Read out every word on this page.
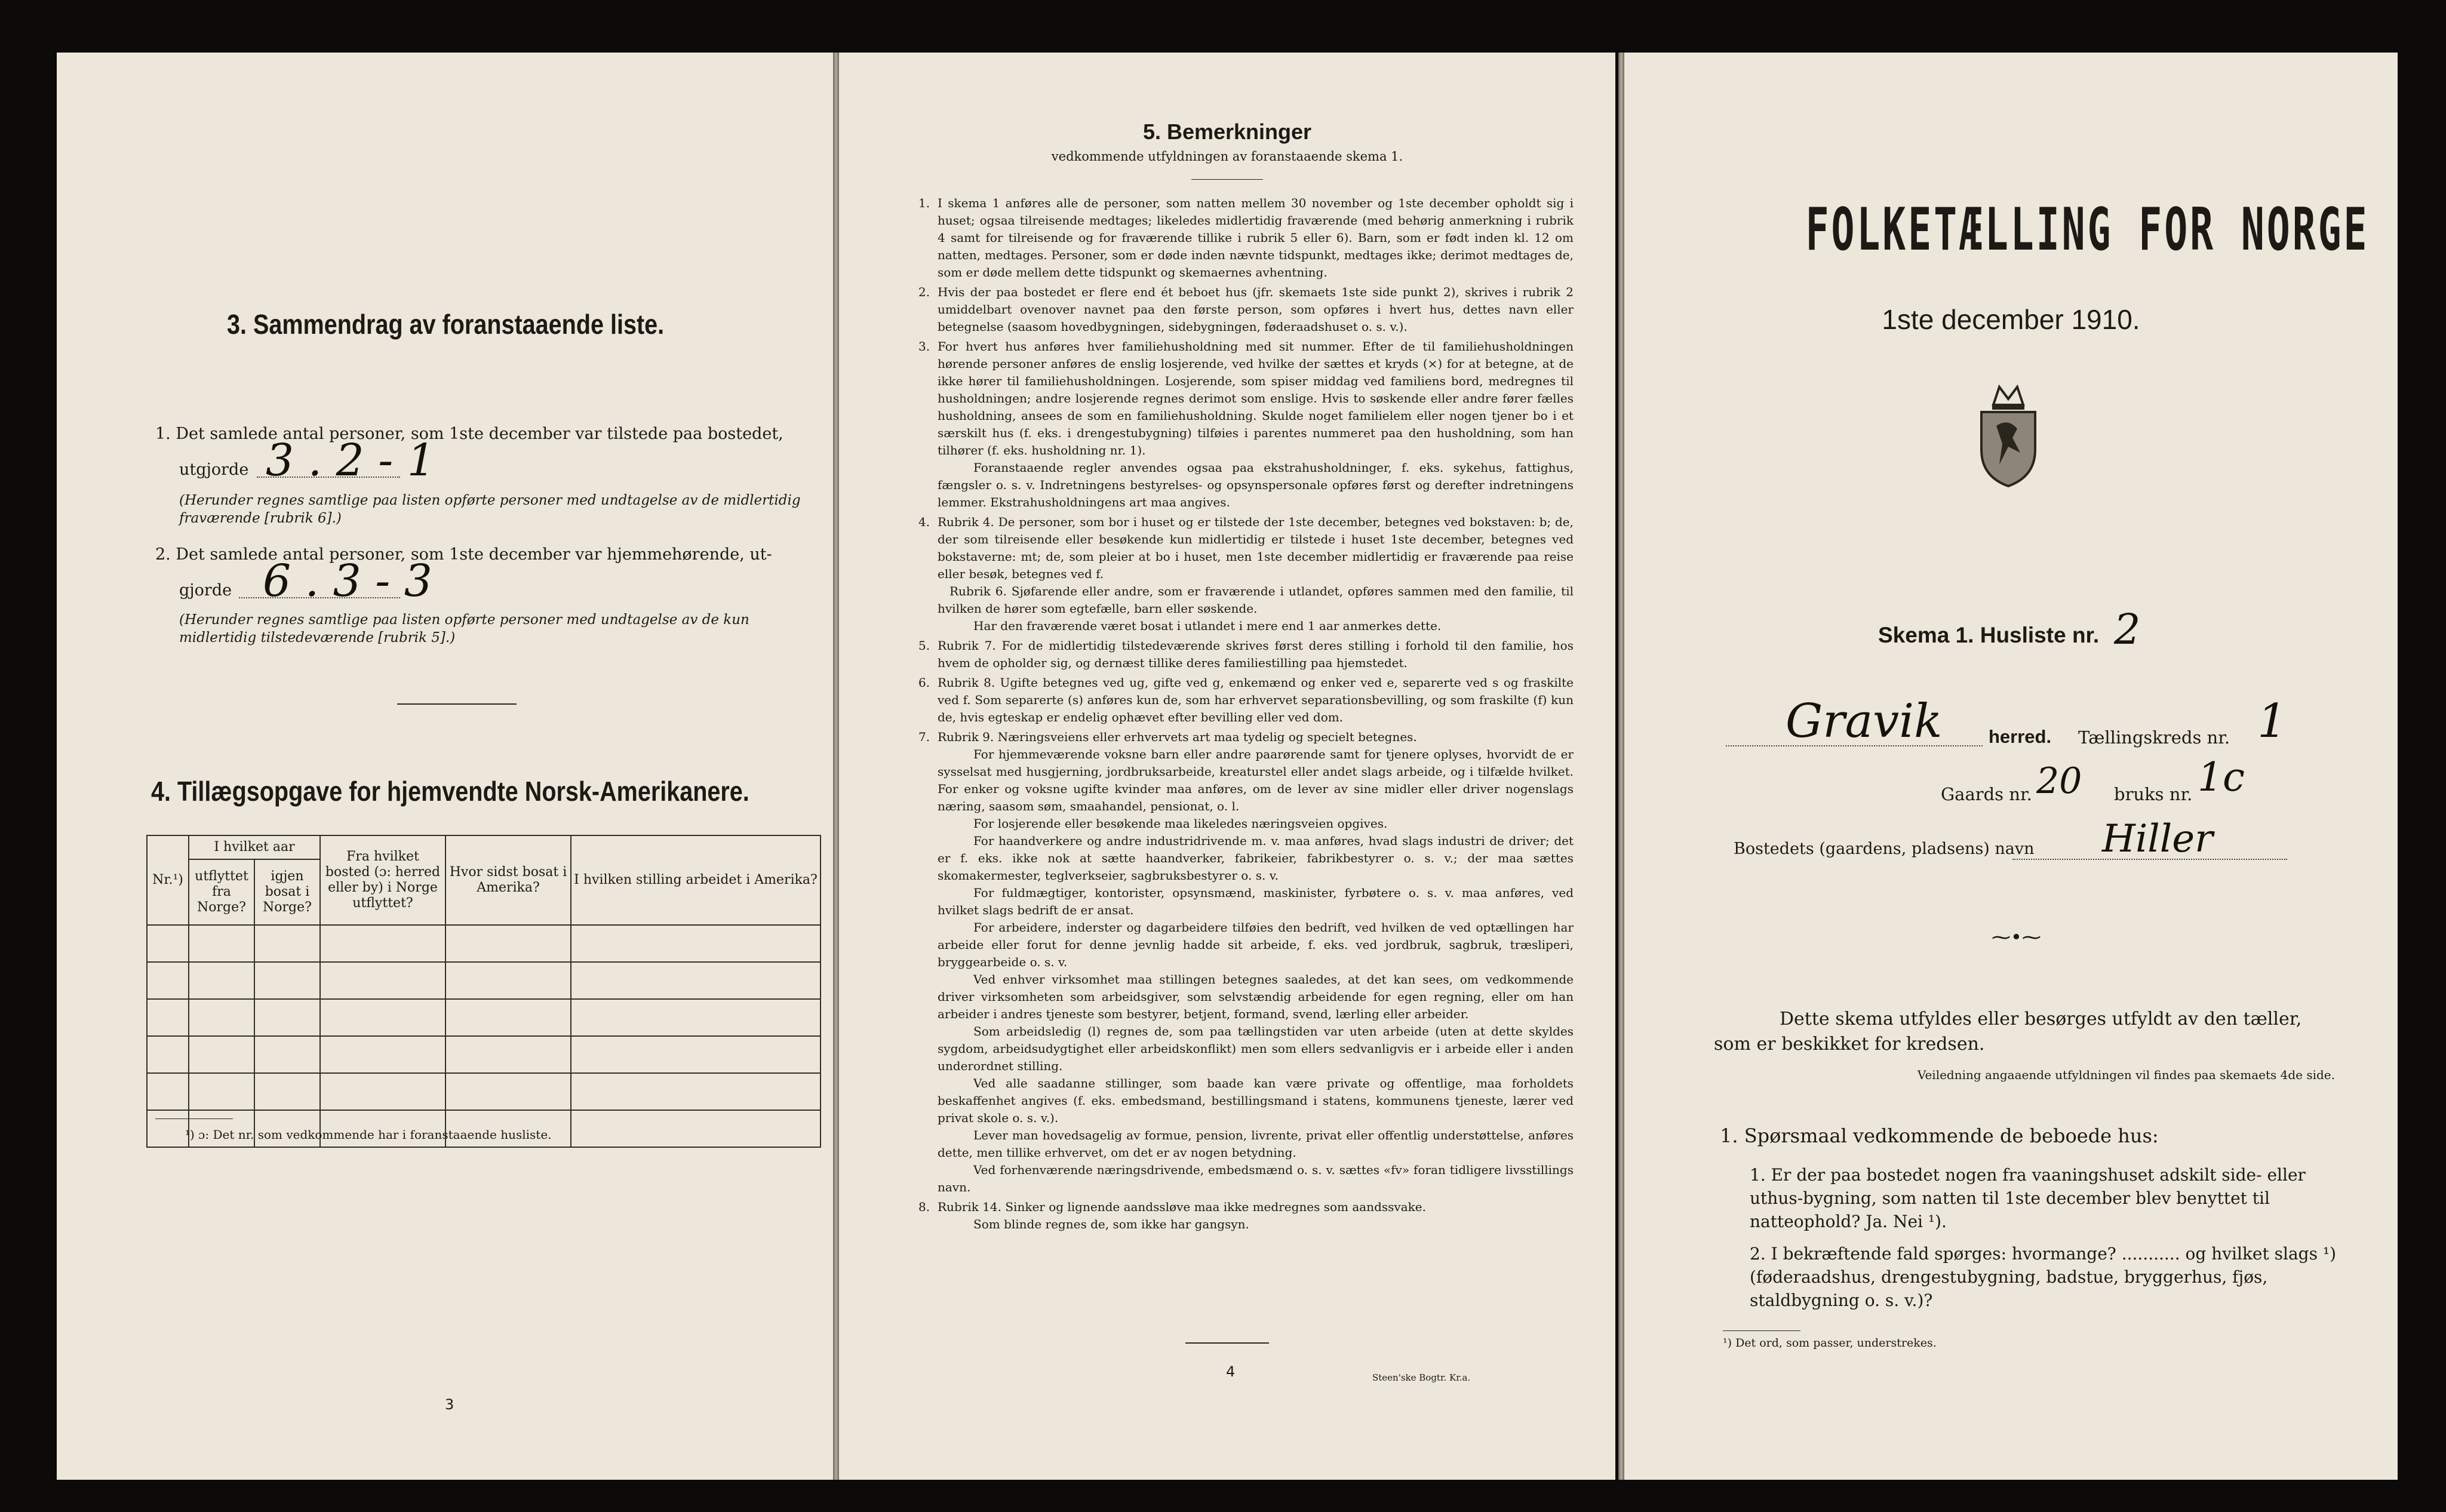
3. Sammendrag av foranstaaende liste.
1. Det samlede antal personer, som 1ste december var tilstede paa bostedet,
utgjorde 3 . 2 - 1
(Herunder regnes samtlige paa listen opførte personer med undtagelse av de midlertidig fraværende [rubrik 6].)
2. Det samlede antal personer, som 1ste december var hjemmehørende, ut-
gjorde 6 . 3 - 3
(Herunder regnes samtlige paa listen opførte personer med undtagelse av de kun midlertidig tilstedeværende [rubrik 5].)
4. Tillægsopgave for hjemvendte Norsk-Amerikanere.
Nr.¹)	I hvilket aar		Fra hvilket bosted (ɔ: herred eller by) i Norge utflyttet?	Hvor sidst bosat i Amerika?	I hvilken stilling arbeidet i Amerika?
	utflyttet fra Norge?	igjen bosat i Norge?			

¹) ɔ: Det nr. som vedkommende har i foranstaaende husliste.
3
5. Bemerkninger
vedkommende utfyldningen av foranstaaende skema 1.
1. I skema 1 anføres alle de personer, som natten mellem 30 november og 1ste december opholdt sig i huset; ogsaa tilreisende medtages; likeledes midlertidig fraværende (med behørig anmerkning i rubrik 4 samt for tilreisende og for fraværende tillike i rubrik 5 eller 6). Barn, som er født inden kl. 12 om natten, medtages. Personer, som er døde inden nævnte tidspunkt, medtages ikke; derimot medtages de, som er døde mellem dette tidspunkt og skemaernes avhentning.
2. Hvis der paa bostedet er flere end ét beboet hus (jfr. skemaets 1ste side punkt 2), skrives i rubrik 2 umiddelbart ovenover navnet paa den første person, som opføres i hvert hus, dettes navn eller betegnelse (saasom hovedbygningen, sidebygningen, føderaadshuset o. s. v.).
3. For hvert hus anføres hver familiehusholdning med sit nummer. Efter de til familiehusholdningen hørende personer anføres de enslig losjerende, ved hvilke der sættes et kryds (×) for at betegne, at de ikke hører til familiehusholdningen. Losjerende, som spiser middag ved familiens bord, medregnes til husholdningen; andre losjerende regnes derimot som enslige. Hvis to søskende eller andre fører fælles husholdning, ansees de som en familiehusholdning. Skulde noget familielem eller nogen tjener bo i et særskilt hus (f. eks. i drengestubygning) tilføies i parentes nummeret paa den husholdning, som han tilhører (f. eks. husholdning nr. 1).
Foranstaaende regler anvendes ogsaa paa ekstrahusholdninger, f. eks. sykehus, fattighus, fængsler o. s. v. Indretningens bestyrelses- og opsynspersonale opføres først og derefter indretningens lemmer. Ekstrahusholdningens art maa angives.
4. Rubrik 4. De personer, som bor i huset og er tilstede der 1ste december, betegnes ved bokstaven: b; de, der som tilreisende eller besøkende kun midlertidig er tilstede i huset 1ste december, betegnes ved bokstaverne: mt; de, som pleier at bo i huset, men 1ste december midlertidig er fraværende paa reise eller besøk, betegnes ved f.
Rubrik 6. Sjøfarende eller andre, som er fraværende i utlandet, opføres sammen med den familie, til hvilken de hører som egtefælle, barn eller søskende.
Har den fraværende været bosat i utlandet i mere end 1 aar anmerkes dette.
5. Rubrik 7. For de midlertidig tilstedeværende skrives først deres stilling i forhold til den familie, hos hvem de opholder sig, og dernæst tillike deres familiestilling paa hjemstedet.
6. Rubrik 8. Ugifte betegnes ved ug, gifte ved g, enkemænd og enker ved e, separerte ved s og fraskilte ved f. Som separerte (s) anføres kun de, som har erhvervet separationsbevilling, og som fraskilte (f) kun de, hvis egteskap er endelig ophævet efter bevilling eller ved dom.
7. Rubrik 9. Næringsveiens eller erhvervets art maa tydelig og specielt betegnes.
For hjemmeværende voksne barn eller andre paarørende samt for tjenere oplyses, hvorvidt de er sysselsat med husgjerning, jordbruksarbeide, kreaturstel eller andet slags arbeide, og i tilfælde hvilket. For enker og voksne ugifte kvinder maa anføres, om de lever av sine midler eller driver nogenslags næring, saasom søm, smaahandel, pensionat, o. l.
For losjerende eller besøkende maa likeledes næringsveien opgives.
For haandverkere og andre industridrivende m. v. maa anføres, hvad slags industri de driver; det er f. eks. ikke nok at sætte haandverker, fabrikeier, fabrikbestyrer o. s. v.; der maa sættes skomakermester, teglverkseier, sagbruksbestyrer o. s. v.
For fuldmægtiger, kontorister, opsynsmænd, maskinister, fyrbøtere o. s. v. maa anføres, ved hvilket slags bedrift de er ansat.
For arbeidere, inderster og dagarbeidere tilføies den bedrift, ved hvilken de ved optællingen har arbeide eller forut for denne jevnlig hadde sit arbeide, f. eks. ved jordbruk, sagbruk, træsliperi, bryggearbeide o. s. v.
Ved enhver virksomhet maa stillingen betegnes saaledes, at det kan sees, om vedkommende driver virksomheten som arbeidsgiver, som selvstændig arbeidende for egen regning, eller om han arbeider i andres tjeneste som bestyrer, betjent, formand, svend, lærling eller arbeider.
Som arbeidsledig (l) regnes de, som paa tællingstiden var uten arbeide (uten at dette skyldes sygdom, arbeidsudygtighet eller arbeidskonflikt) men som ellers sedvanligvis er i arbeide eller i anden underordnet stilling.
Ved alle saadanne stillinger, som baade kan være private og offentlige, maa forholdets beskaffenhet angives (f. eks. embedsmand, bestillingsmand i statens, kommunens tjeneste, lærer ved privat skole o. s. v.).
Lever man hovedsagelig av formue, pension, livrente, privat eller offentlig understøttelse, anføres dette, men tillike erhvervet, om det er av nogen betydning.
Ved forhenværende næringsdrivende, embedsmænd o. s. v. sættes «fv» foran tidligere livsstillings navn.
8. Rubrik 14. Sinker og lignende aandssløve maa ikke medregnes som aandssvake.
Som blinde regnes de, som ikke har gangsyn.
4	Steen'ske Bogtr. Kr.a.
FOLKETÆLLING FOR NORGE
1ste december 1910.
Skema 1. Husliste nr. 2
Gravik	herred. Tællingskreds nr. 1
Gaards nr. 20 bruks nr. 1c
Bostedets (gaardens, pladsens) navn Hiller
⁓•⁓
Dette skema utfyldes eller besørges utfyldt av den tæller, som er beskikket for kredsen.
Veiledning angaaende utfyldningen vil findes paa skemaets 4de side.
1. Spørsmaal vedkommende de beboede hus:
1. Er der paa bostedet nogen fra vaaningshuset adskilt side- eller uthus-bygning, som natten til 1ste december blev benyttet til natteophold? Ja. Nei ¹).
2. I bekræftende fald spørges: hvormange? ........... og hvilket slags ¹) (føderaadshus, drengestubygning, badstue, bryggerhus, fjøs, staldbygning o. s. v.)?
¹) Det ord, som passer, understrekes.
